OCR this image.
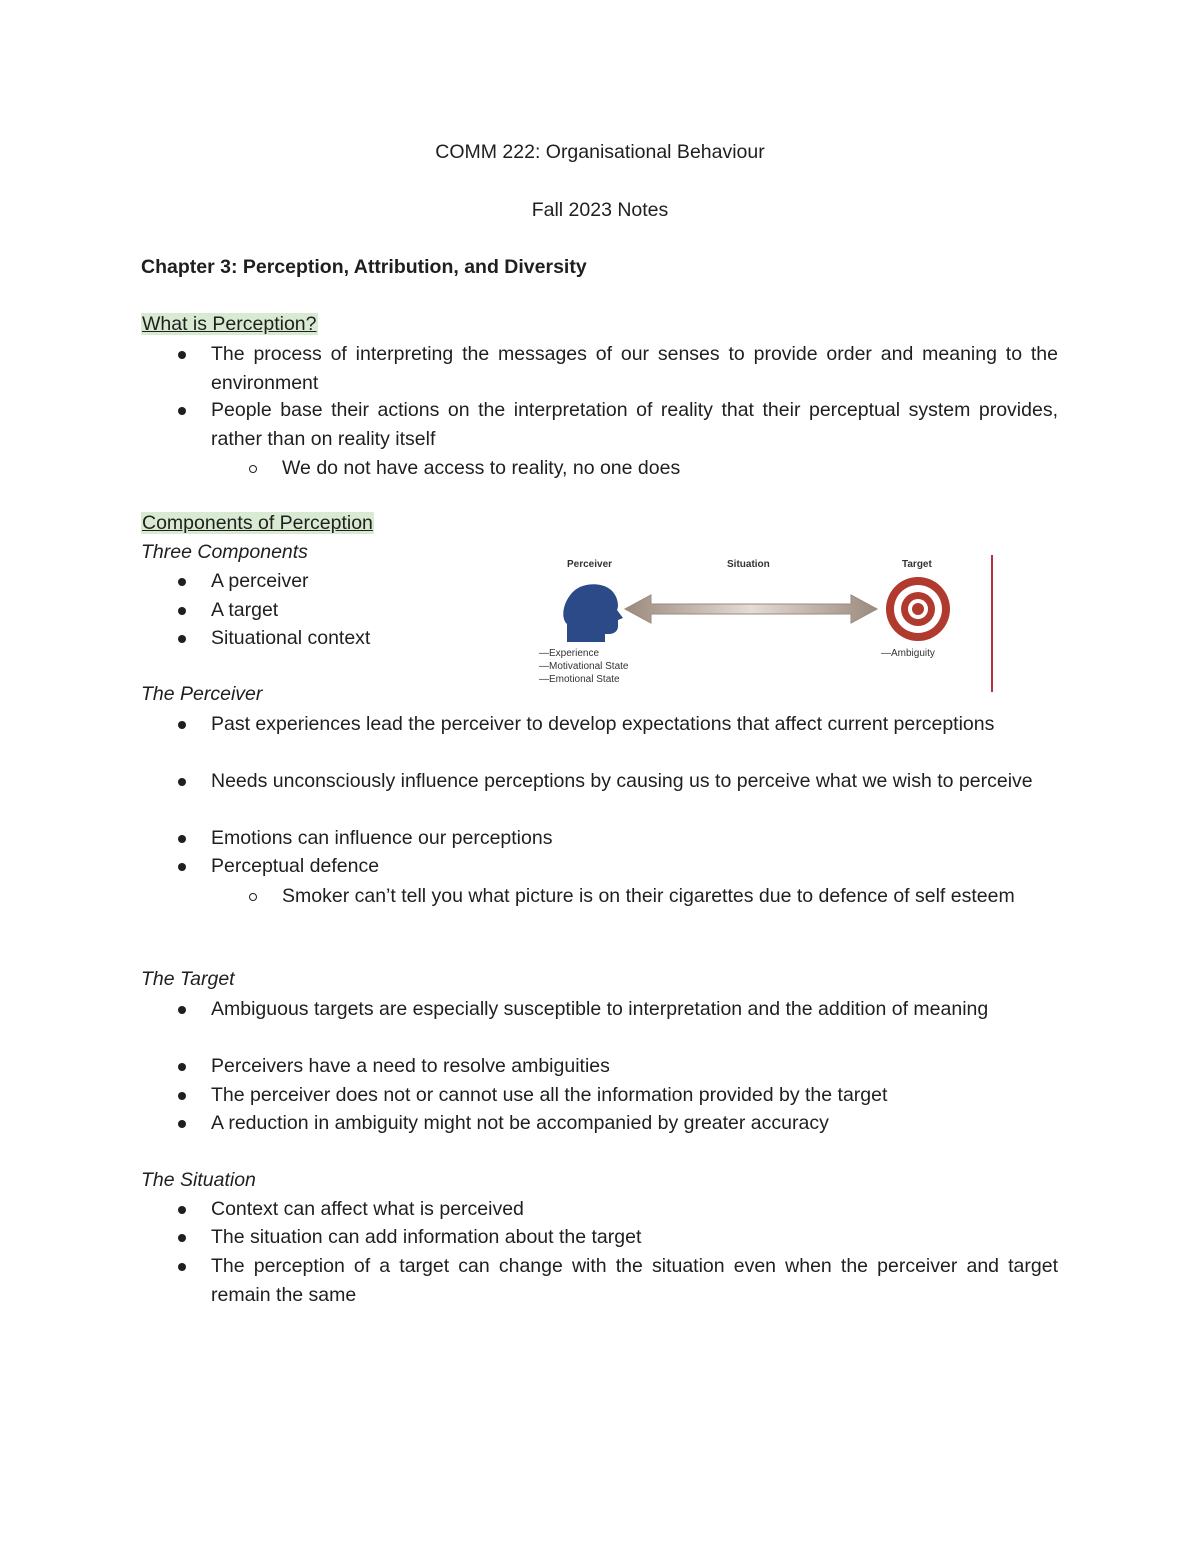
COMM 222: Organisational Behaviour
Fall 2023 Notes
Chapter 3: Perception, Attribution, and Diversity
What is Perception?
The process of interpreting the messages of our senses to provide order and meaning to the environment
People base their actions on the interpretation of reality that their perceptual system provides, rather than on reality itself
We do not have access to reality, no one does
Components of Perception
Three Components
A perceiver
A target
Situational context
Perceiver	Situation	Target
—Experience
—Motivational State
—Emotional State
—Ambiguity
The Perceiver
Past experiences lead the perceiver to develop expectations that affect current perceptions
Needs unconsciously influence perceptions by causing us to perceive what we wish to perceive
Emotions can influence our perceptions
Perceptual defence
Smoker can’t tell you what picture is on their cigarettes due to defence of self esteem
The Target
Ambiguous targets are especially susceptible to interpretation and the addition of meaning
Perceivers have a need to resolve ambiguities
The perceiver does not or cannot use all the information provided by the target
A reduction in ambiguity might not be accompanied by greater accuracy
The Situation
Context can affect what is perceived
The situation can add information about the target
The perception of a target can change with the situation even when the perceiver and target remain the same
